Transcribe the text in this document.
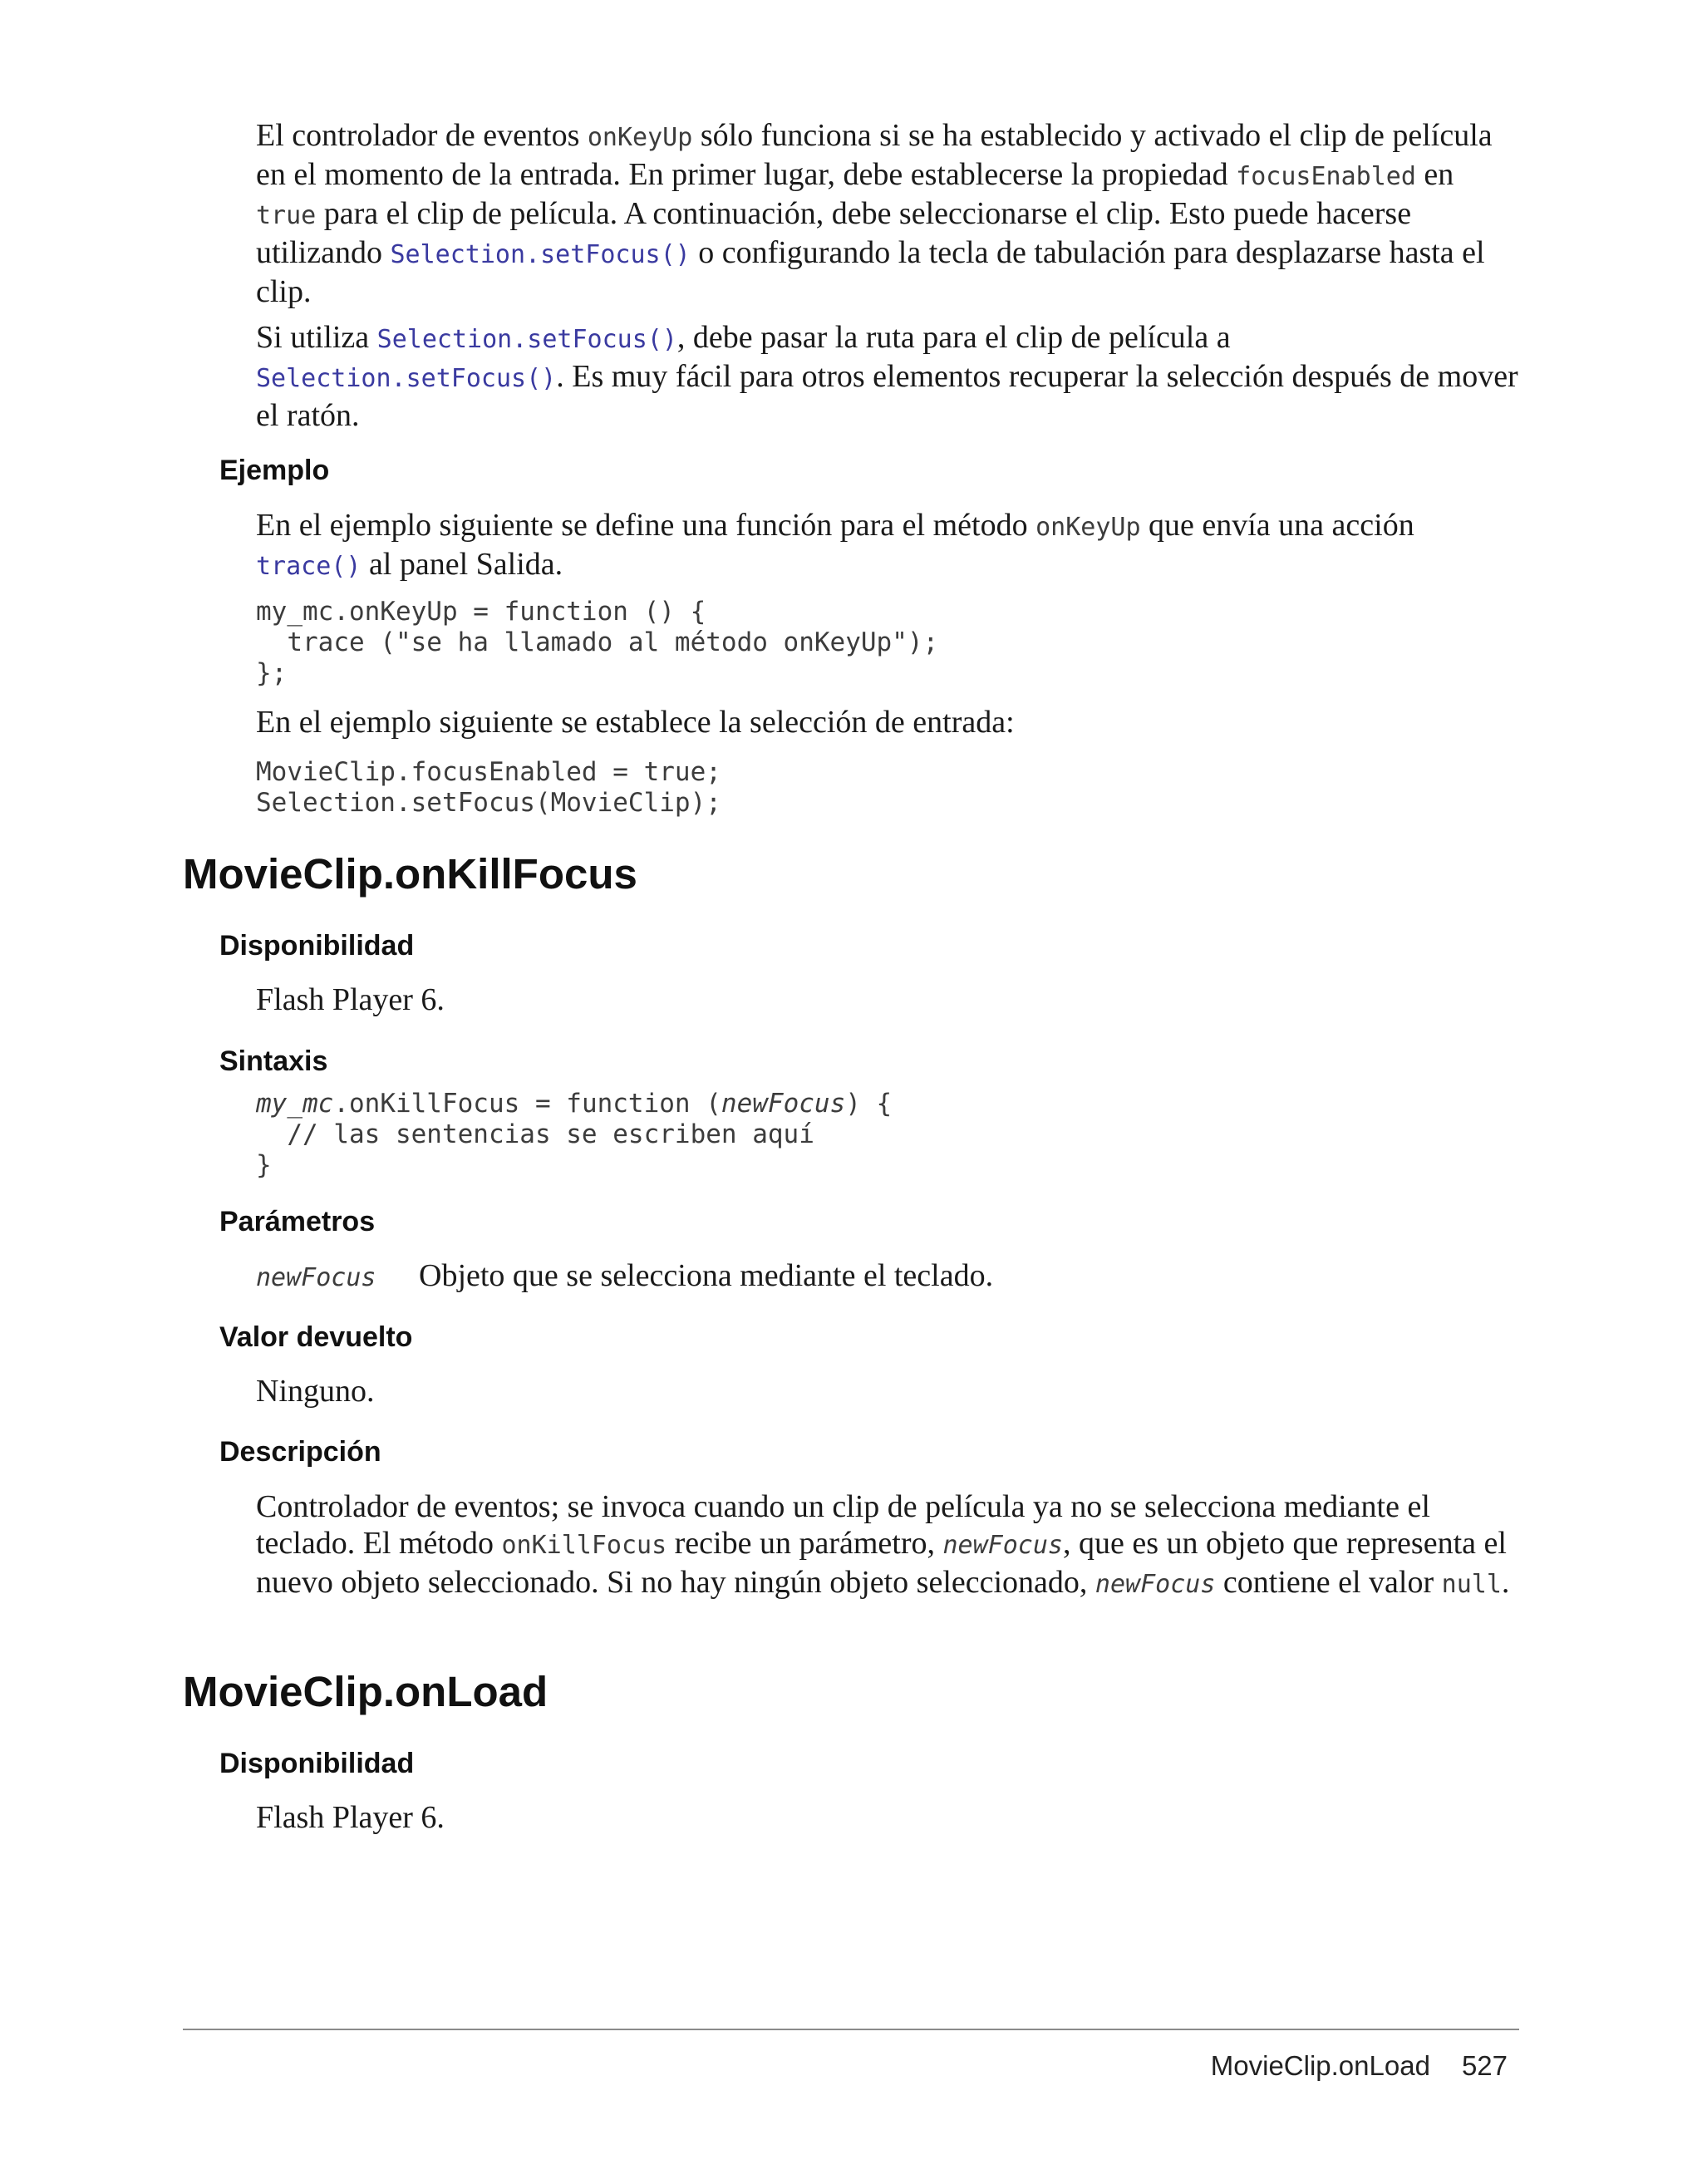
El controlador de eventos onKeyUp sólo funciona si se ha establecido y activado el clip de película en el momento de la entrada. En primer lugar, debe establecerse la propiedad focusEnabled en true para el clip de película. A continuación, debe seleccionarse el clip. Esto puede hacerse utilizando Selection.setFocus() o configurando la tecla de tabulación para desplazarse hasta el clip.

Si utiliza Selection.setFocus(), debe pasar la ruta para el clip de película a Selection.setFocus(). Es muy fácil para otros elementos recuperar la selección después de mover el ratón.

Ejemplo

En el ejemplo siguiente se define una función para el método onKeyUp que envía una acción trace() al panel Salida.

my_mc.onKeyUp = function () {
trace ("se ha llamado al método onKeyUp");
};

En el ejemplo siguiente se establece la selección de entrada:

MovieClip.focusEnabled = true;
Selection.setFocus(MovieClip);
MovieClip.onKillFocus
Disponibilidad

Flash Player 6.

Sintaxis
my_mc.onKillFocus = function (newFocus) {
// las sentencias se escriben aquí
}
Parámetros

newFocus Objeto que se selecciona mediante el teclado.

Valor devuelto

Ninguno.

Descripción

Controlador de eventos; se invoca cuando un clip de película ya no se selecciona mediante el teclado. El método onKillFocus recibe un parámetro, newFocus, que es un objeto que representa el nuevo objeto seleccionado. Si no hay ningún objeto seleccionado, newFocus contiene el valor null.

MovieClip.onLoad
Disponibilidad

Flash Player 6.

MovieClip.onLoad 527
